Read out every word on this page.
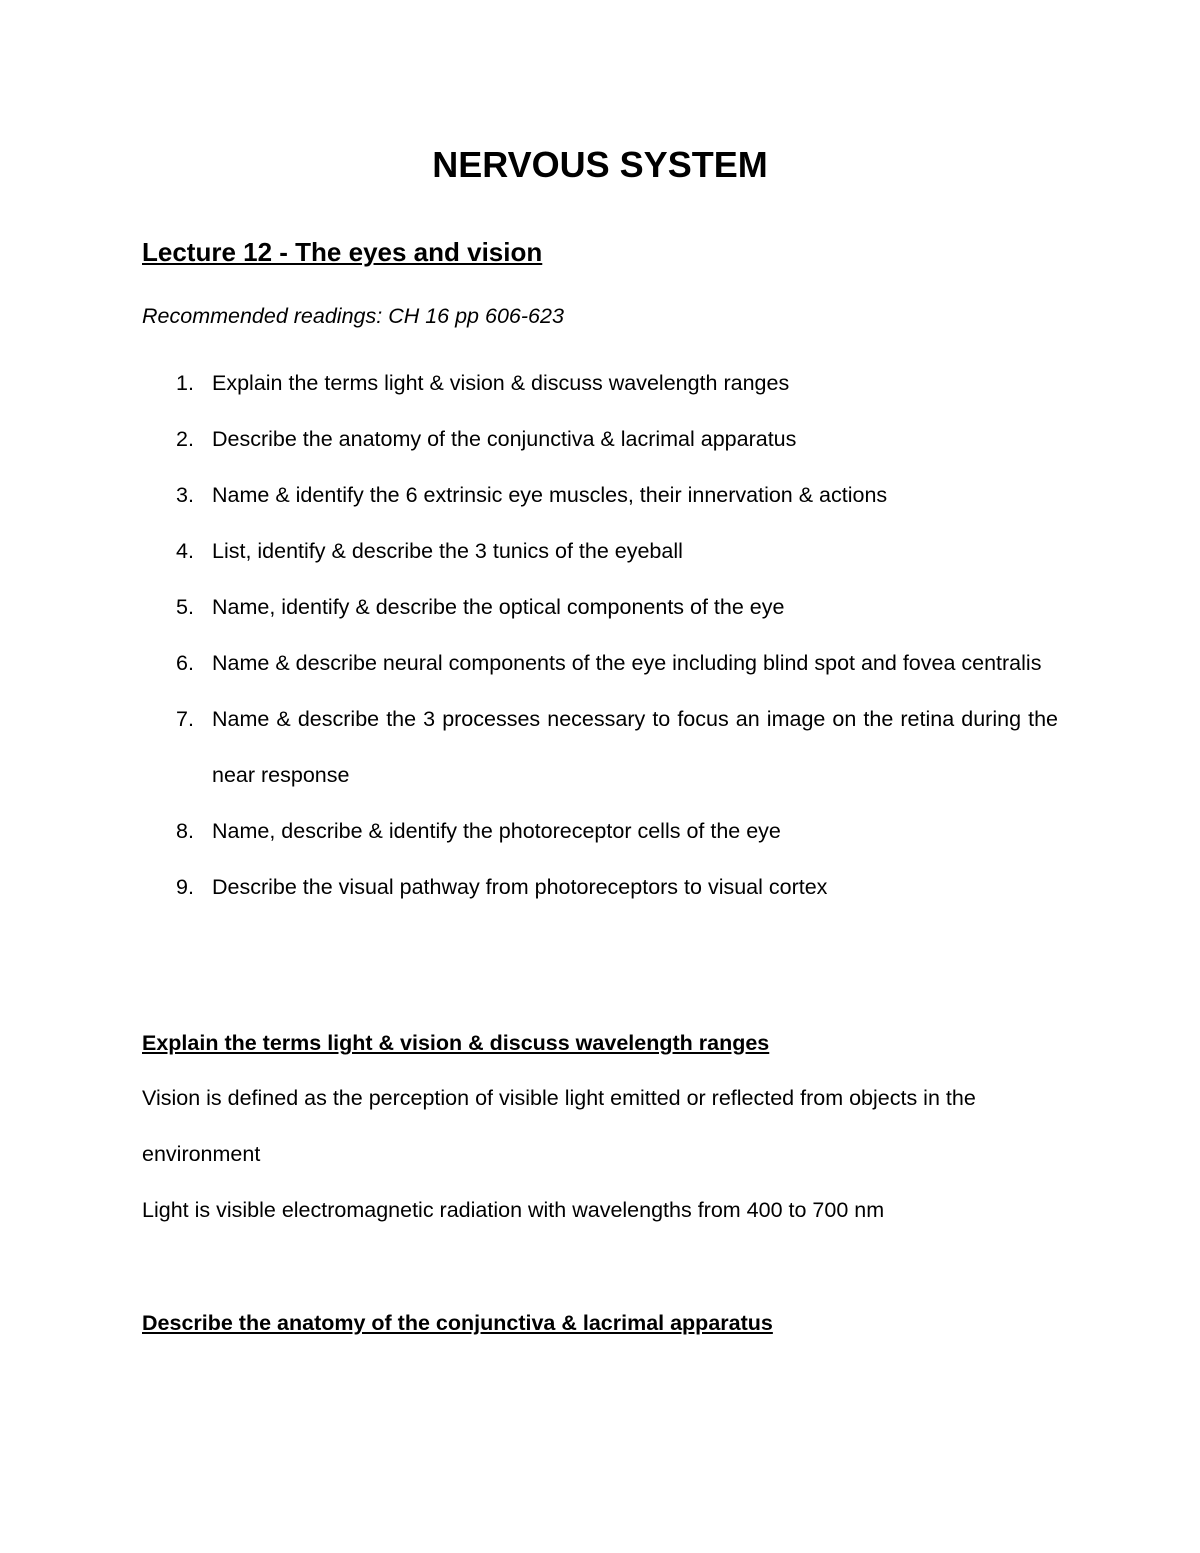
NERVOUS SYSTEM
Lecture 12 - The eyes and vision

Recommended readings: CH 16 pp 606-623

1. Explain the terms light & vision & discuss wavelength ranges
2. Describe the anatomy of the conjunctiva & lacrimal apparatus
3. Name & identify the 6 extrinsic eye muscles, their innervation & actions
4. List, identify & describe the 3 tunics of the eyeball
5. Name, identify & describe the optical components of the eye
6. Name & describe neural components of the eye including blind spot and fovea centralis
7. Name & describe the 3 processes necessary to focus an image on the retina during the near response
8. Name, describe & identify the photoreceptor cells of the eye
9. Describe the visual pathway from photoreceptors to visual cortex
Explain the terms light & vision & discuss wavelength ranges

Vision is defined as the perception of visible light emitted or reflected from objects in the environment

Light is visible electromagnetic radiation with wavelengths from 400 to 700 nm

Describe the anatomy of the conjunctiva & lacrimal apparatus
